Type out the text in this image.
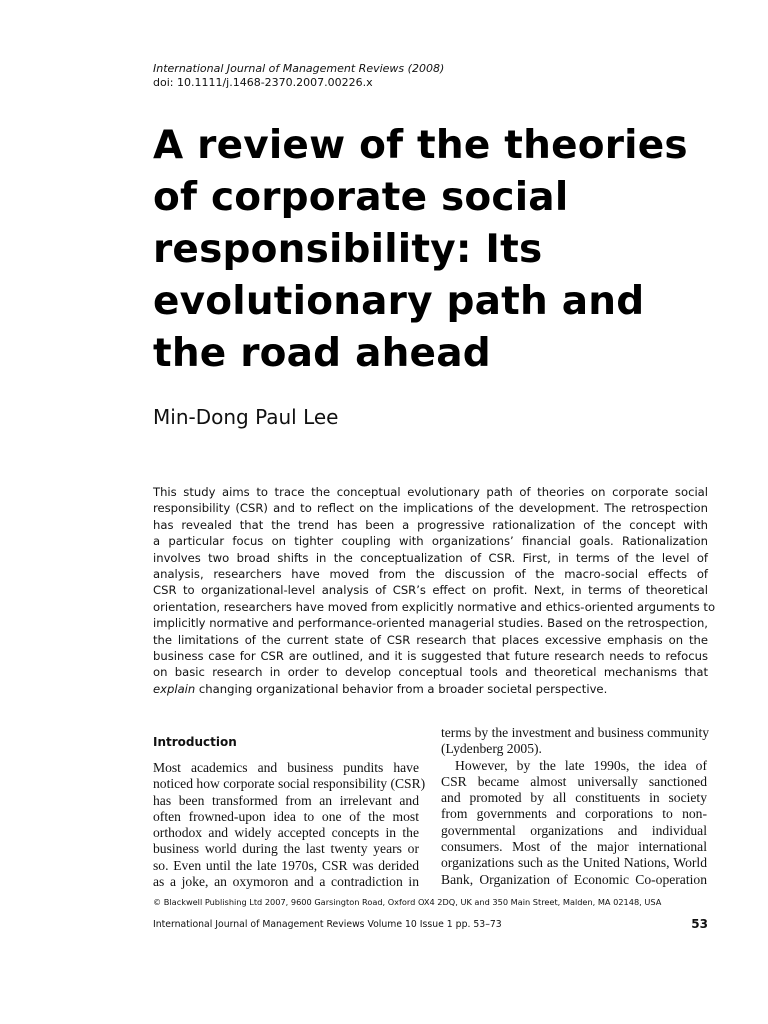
International Journal of Management Reviews (2008)
doi: 10.1111/j.1468-2370.2007.00226.x
A review of the theories
of corporate social
responsibility: Its
evolutionary path and
the road ahead
Min-Dong Paul Lee

This study aims to trace the conceptual evolutionary path of theories on corporate social
responsibility (CSR) and to reflect on the implications of the development. The retrospection
has revealed that the trend has been a progressive rationalization of the concept with
a particular focus on tighter coupling with organizations’ financial goals. Rationalization
involves two broad shifts in the conceptualization of CSR. First, in terms of the level of
analysis, researchers have moved from the discussion of the macro-social effects of
CSR to organizational-level analysis of CSR’s effect on profit. Next, in terms of theoretical
orientation, researchers have moved from explicitly normative and ethics-oriented arguments to
implicitly normative and performance-oriented managerial studies. Based on the retrospection,
the limitations of the current state of CSR research that places excessive emphasis on the
business case for CSR are outlined, and it is suggested that future research needs to refocus
on basic research in order to develop conceptual tools and theoretical mechanisms that
explain changing organizational behavior from a broader societal perspective.

Introduction
Most academics and business pundits have
noticed how corporate social responsibility (CSR)
has been transformed from an irrelevant and
often frowned-upon idea to one of the most
orthodox and widely accepted concepts in the
business world during the last twenty years or
so. Even until the late 1970s, CSR was derided
as a joke, an oxymoron and a contradiction in
terms by the investment and business community
(Lydenberg 2005).
However, by the late 1990s, the idea of
CSR became almost universally sanctioned
and promoted by all constituents in society
from governments and corporations to non-
governmental organizations and individual
consumers. Most of the major international
organizations such as the United Nations, World
Bank, Organization of Economic Co-operation
© Blackwell Publishing Ltd 2007, 9600 Garsington Road, Oxford OX4 2DQ, UK and 350 Main Street, Malden, MA 02148, USA
International Journal of Management Reviews Volume 10 Issue 1 pp. 53–73	53
